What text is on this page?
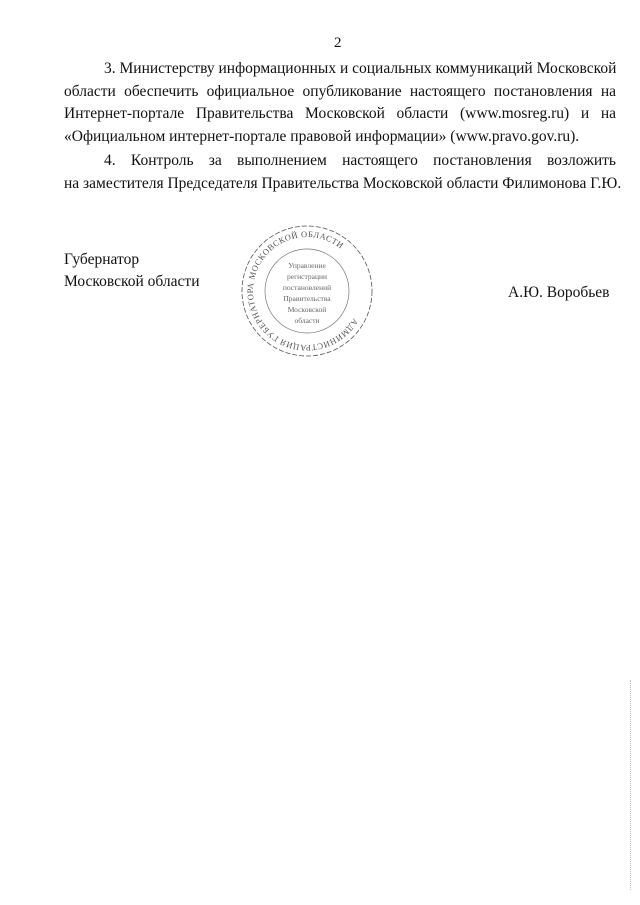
2
3. Министерству информационных и социальных коммуникаций Московской
области обеспечить официальное опубликование настоящего постановления на
Интернет-портале Правительства Московской области (www.mosreg.ru) и на
«Официальном интернет-портале правовой информации» (www.pravo.gov.ru).
4. Контроль за выполнением настоящего постановления возложить
на заместителя Председателя Правительства Московской области Филимонова Г.Ю.
АДМИНИСТРАЦИЯ ГУБЕРНАТОРА МОСКОВСКОЙ ОБЛАСТИ
Управление
регистрации
постановлений
Правительства
Московской
области
Губернатор
Московской области
А.Ю. Воробьев
